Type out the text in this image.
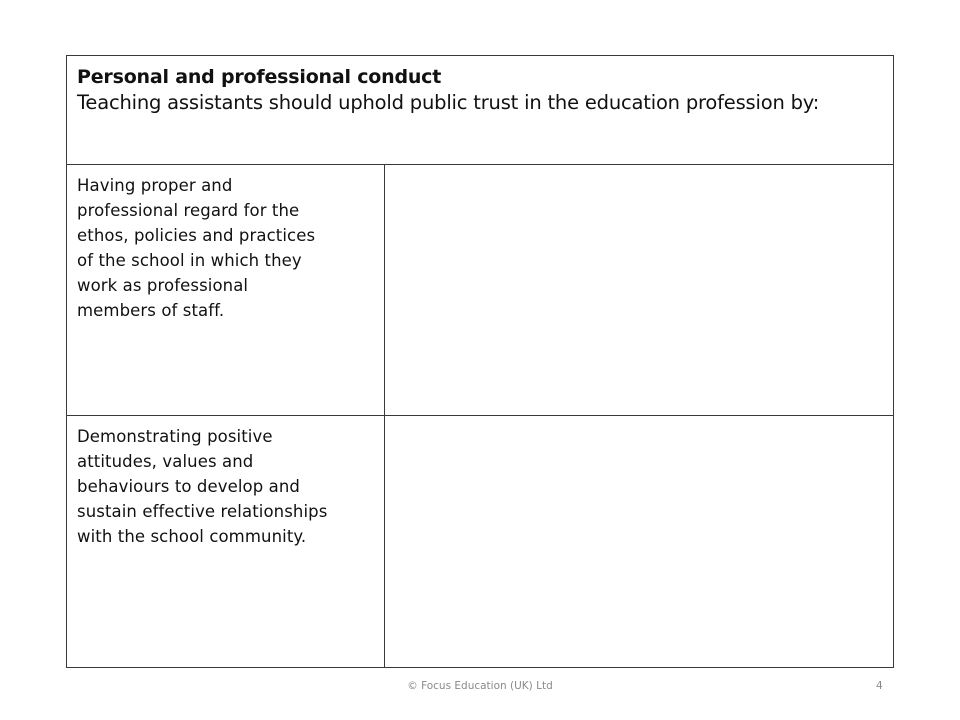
Personal and professional conduct
Teaching assistants should uphold public trust in the education profession by:
Having proper and
professional regard for the
ethos, policies and practices
of the school in which they
work as professional
members of staff.
Demonstrating positive
attitudes, values and
behaviours to develop and
sustain effective relationships
with the school community.
© Focus Education (UK) Ltd	4
